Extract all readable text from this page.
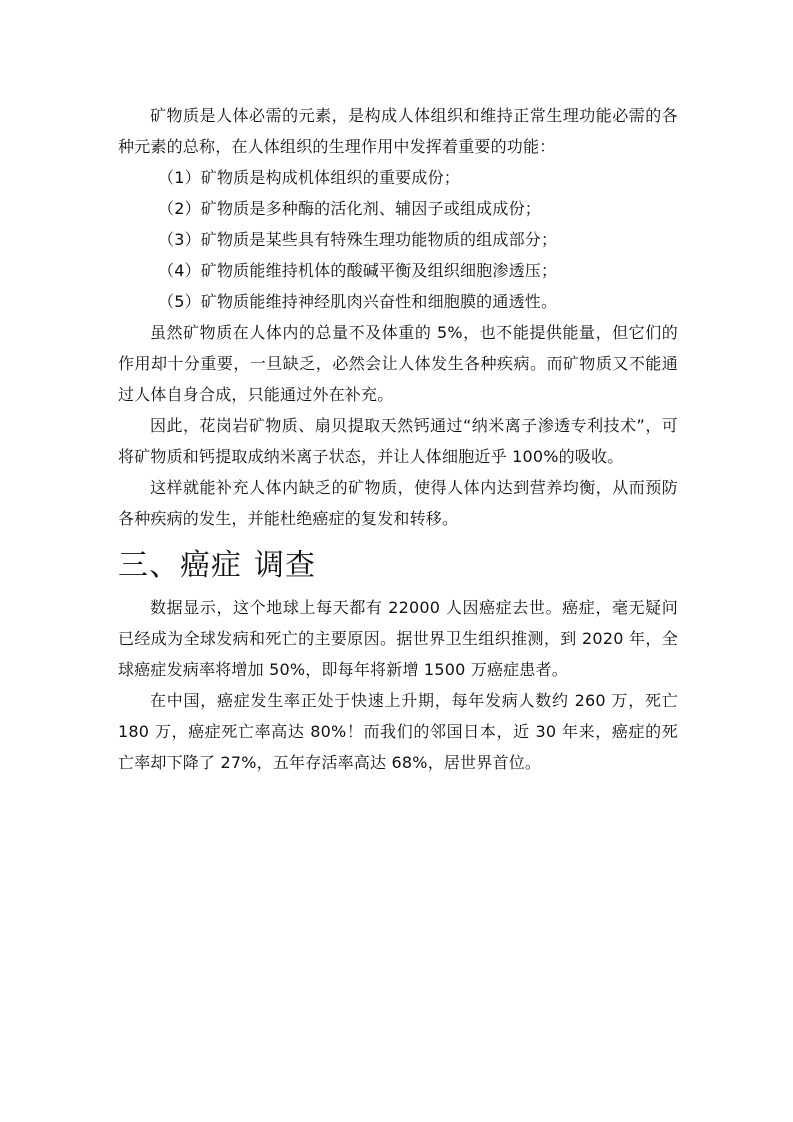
矿物质是人体必需的元素，是构成人体组织和维持正常生理功能必需的各种元素的总称，在人体组织的生理作用中发挥着重要的功能：

（1）矿物质是构成机体组织的重要成份；

（2）矿物质是多种酶的活化剂、辅因子或组成成份；

（3）矿物质是某些具有特殊生理功能物质的组成部分；

（4）矿物质能维持机体的酸碱平衡及组织细胞渗透压；

（5）矿物质能维持神经肌肉兴奋性和细胞膜的通透性。

虽然矿物质在人体内的总量不及体重的 5%，也不能提供能量，但它们的作用却十分重要，一旦缺乏，必然会让人体发生各种疾病。而矿物质又不能通过人体自身合成，只能通过外在补充。

因此，花岗岩矿物质、扇贝提取天然钙通过“纳米离子渗透专利技术”，可将矿物质和钙提取成纳米离子状态，并让人体细胞近乎 100%的吸收。

这样就能补充人体内缺乏的矿物质，使得人体内达到营养均衡，从而预防各种疾病的发生，并能杜绝癌症的复发和转移。

三、癌症 调查

数据显示，这个地球上每天都有 22000 人因癌症去世。癌症，毫无疑问已经成为全球发病和死亡的主要原因。据世界卫生组织推测，到 2020 年，全球癌症发病率将增加 50%，即每年将新增 1500 万癌症患者。

在中国，癌症发生率正处于快速上升期，每年发病人数约 260 万，死亡 180 万，癌症死亡率高达 80%！而我们的邻国日本，近 30 年来，癌症的死亡率却下降了 27%，五年存活率高达 68%，居世界首位。
